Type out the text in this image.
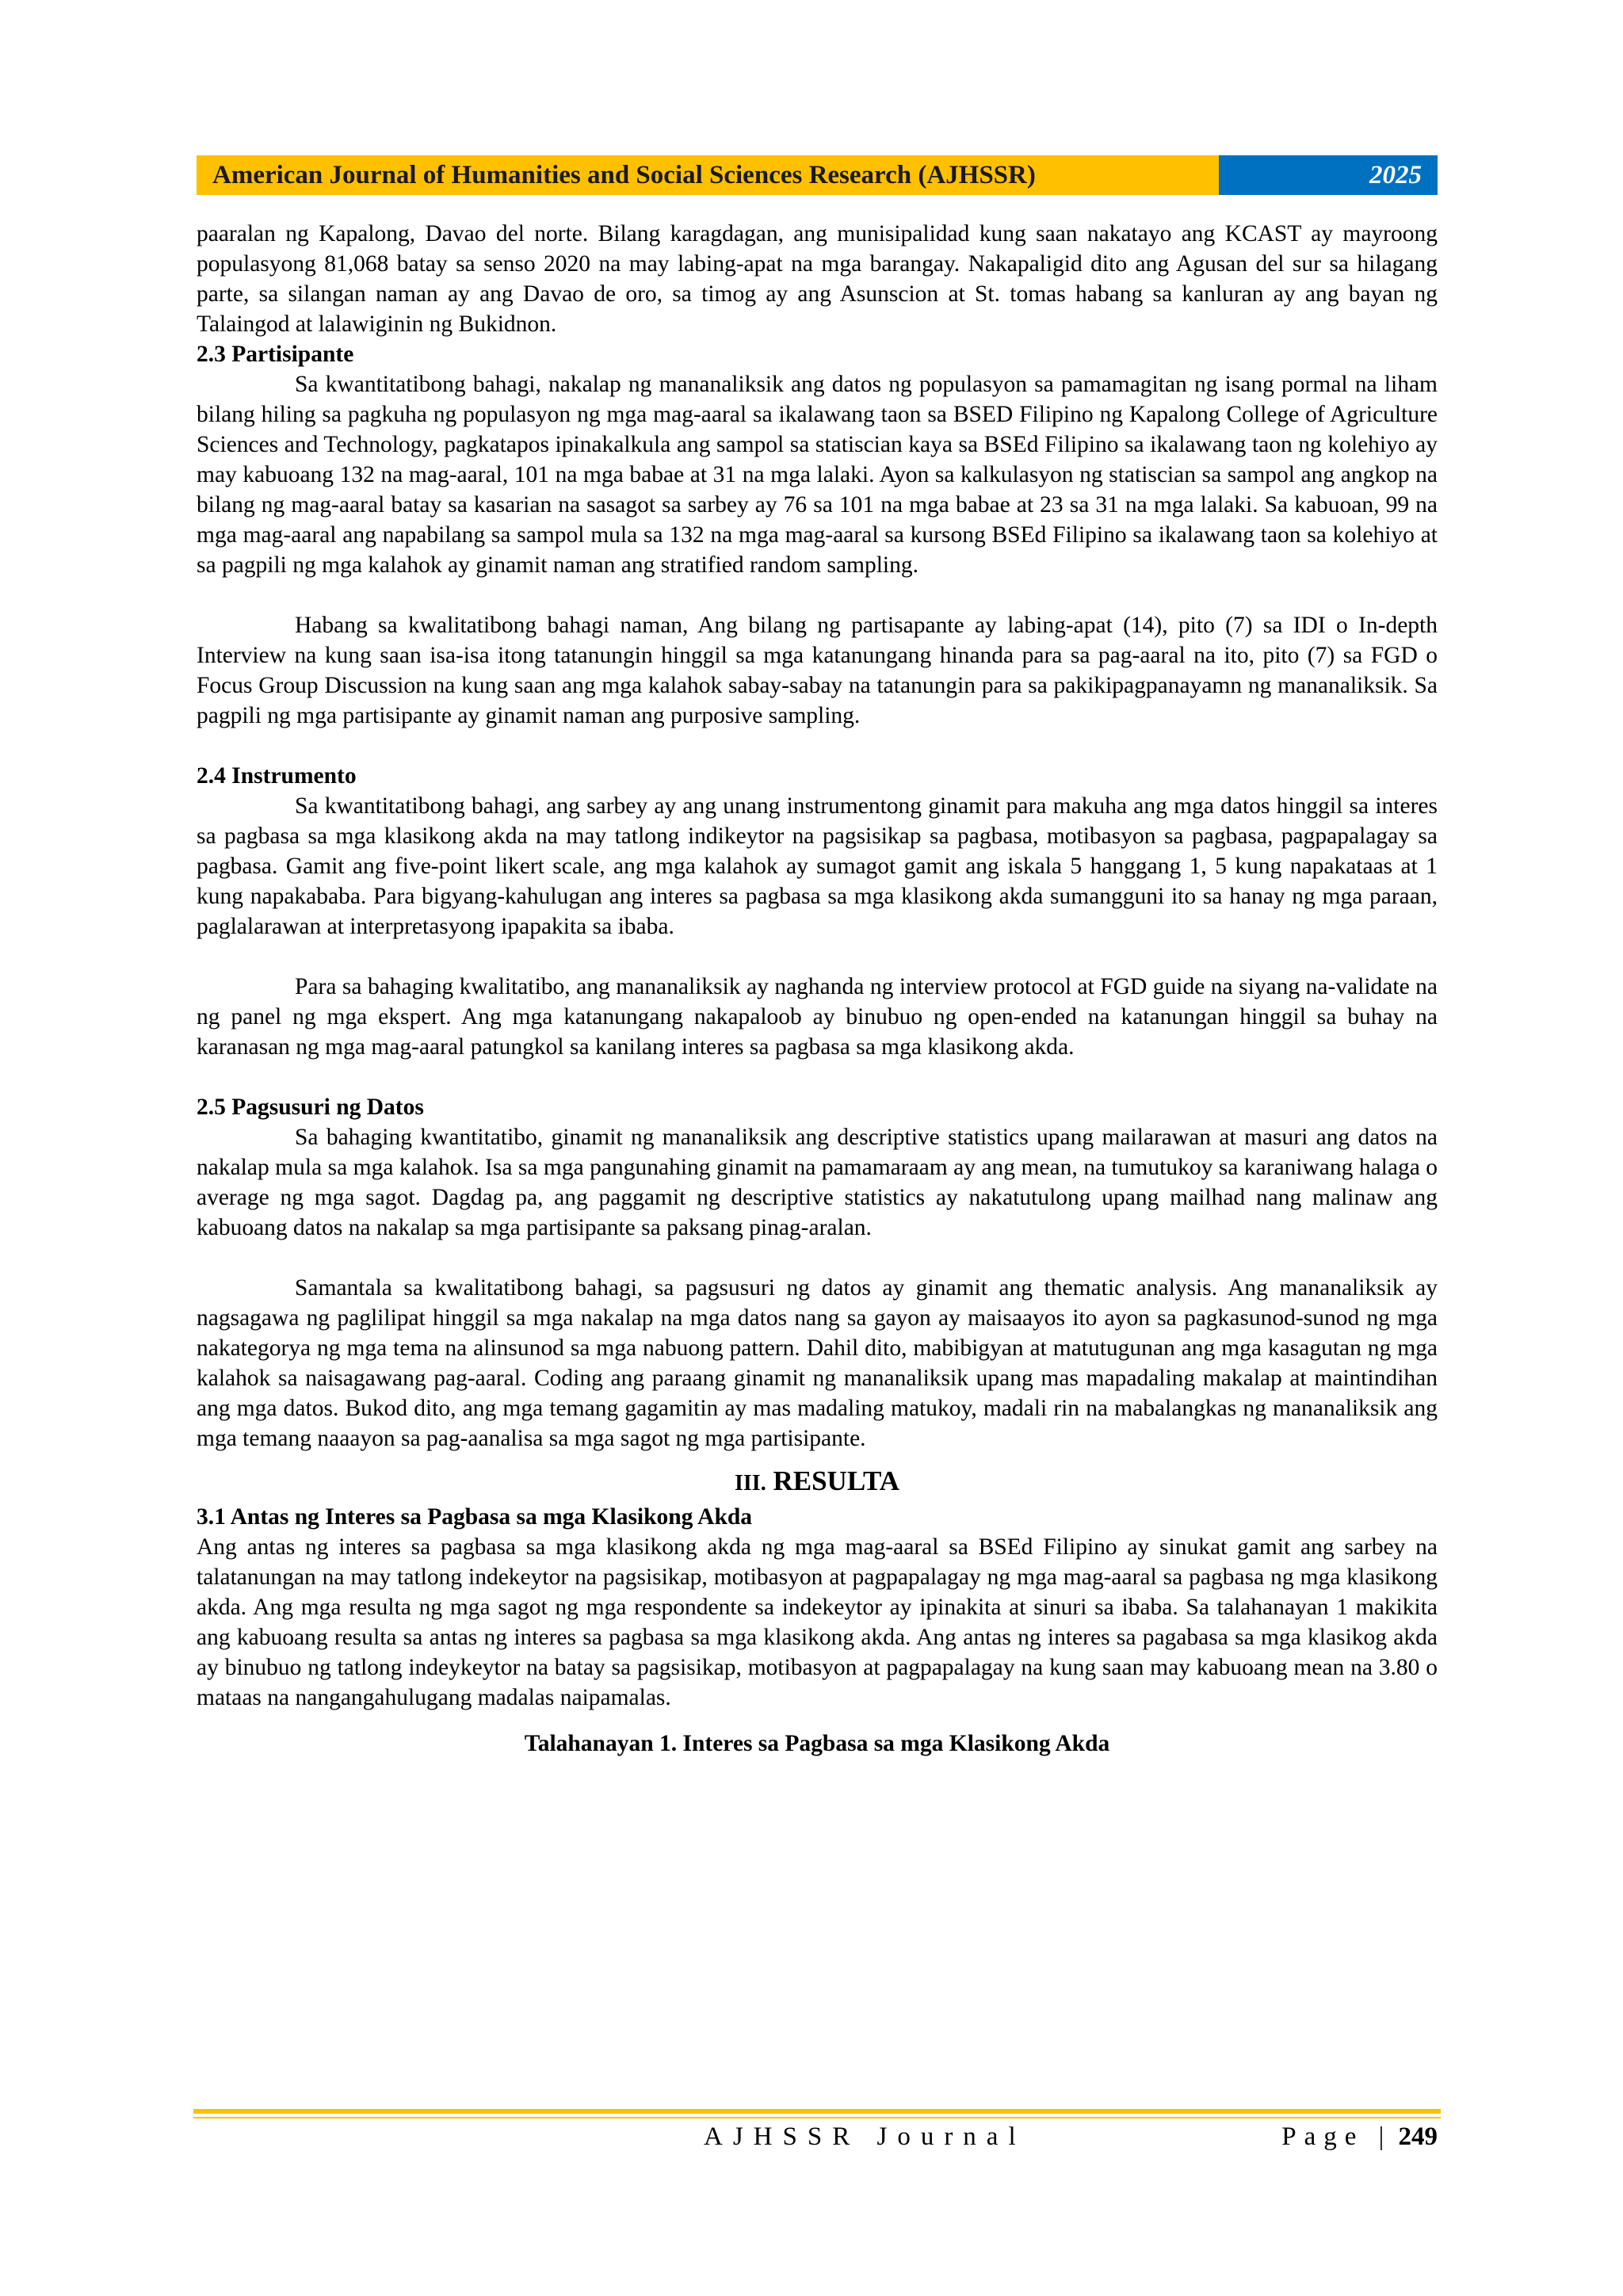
American Journal of Humanities and Social Sciences Research (AJHSSR)	2025

paaralan ng Kapalong, Davao del norte. Bilang karagdagan, ang munisipalidad kung saan nakatayo ang KCAST ay mayroong populasyong 81,068 batay sa senso 2020 na may labing-apat na mga barangay. Nakapaligid dito ang Agusan del sur sa hilagang parte, sa silangan naman ay ang Davao de oro, sa timog ay ang Asunscion at St. tomas habang sa kanluran ay ang bayan ng Talaingod at lalawiginin ng Bukidnon.

2.3 Partisipante

Sa kwantitatibong bahagi, nakalap ng mananaliksik ang datos ng populasyon sa pamamagitan ng isang pormal na liham bilang hiling sa pagkuha ng populasyon ng mga mag-aaral sa ikalawang taon sa BSED Filipino ng Kapalong College of Agriculture Sciences and Technology, pagkatapos ipinakalkula ang sampol sa statiscian kaya sa BSEd Filipino sa ikalawang taon ng kolehiyo ay may kabuoang 132 na mag-aaral, 101 na mga babae at 31 na mga lalaki. Ayon sa kalkulasyon ng statiscian sa sampol ang angkop na bilang ng mag-aaral batay sa kasarian na sasagot sa sarbey ay 76 sa 101 na mga babae at 23 sa 31 na mga lalaki. Sa kabuoan, 99 na mga mag-aaral ang napabilang sa sampol mula sa 132 na mga mag-aaral sa kursong BSEd Filipino sa ikalawang taon sa kolehiyo at sa pagpili ng mga kalahok ay ginamit naman ang stratified random sampling.

Habang sa kwalitatibong bahagi naman, Ang bilang ng partisapante ay labing-apat (14), pito (7) sa IDI o In-depth Interview na kung saan isa-isa itong tatanungin hinggil sa mga katanungang hinanda para sa pag-aaral na ito, pito (7) sa FGD o Focus Group Discussion na kung saan ang mga kalahok sabay-sabay na tatanungin para sa pakikipagpanayamn ng mananaliksik. Sa pagpili ng mga partisipante ay ginamit naman ang purposive sampling.

2.4 Instrumento

Sa kwantitatibong bahagi, ang sarbey ay ang unang instrumentong ginamit para makuha ang mga datos hinggil sa interes sa pagbasa sa mga klasikong akda na may tatlong indikeytor na pagsisikap sa pagbasa, motibasyon sa pagbasa, pagpapalagay sa pagbasa. Gamit ang five-point likert scale, ang mga kalahok ay sumagot gamit ang iskala 5 hanggang 1, 5 kung napakataas at 1 kung napakababa. Para bigyang-kahulugan ang interes sa pagbasa sa mga klasikong akda sumangguni ito sa hanay ng mga paraan, paglalarawan at interpretasyong ipapakita sa ibaba.

Para sa bahaging kwalitatibo, ang mananaliksik ay naghanda ng interview protocol at FGD guide na siyang na-validate na ng panel ng mga ekspert. Ang mga katanungang nakapaloob ay binubuo ng open-ended na katanungan hinggil sa buhay na karanasan ng mga mag-aaral patungkol sa kanilang interes sa pagbasa sa mga klasikong akda.

2.5 Pagsusuri ng Datos

Sa bahaging kwantitatibo, ginamit ng mananaliksik ang descriptive statistics upang mailarawan at masuri ang datos na nakalap mula sa mga kalahok. Isa sa mga pangunahing ginamit na pamamaraam ay ang mean, na tumutukoy sa karaniwang halaga o average ng mga sagot. Dagdag pa, ang paggamit ng descriptive statistics ay nakatutulong upang mailhad nang malinaw ang kabuoang datos na nakalap sa mga partisipante sa paksang pinag-aralan.

Samantala sa kwalitatibong bahagi, sa pagsusuri ng datos ay ginamit ang thematic analysis. Ang mananaliksik ay nagsagawa ng paglilipat hinggil sa mga nakalap na mga datos nang sa gayon ay maisaayos ito ayon sa pagkasunod-sunod ng mga nakategorya ng mga tema na alinsunod sa mga nabuong pattern. Dahil dito, mabibigyan at matutugunan ang mga kasagutan ng mga kalahok sa naisagawang pag-aaral. Coding ang paraang ginamit ng mananaliksik upang mas mapadaling makalap at maintindihan ang mga datos. Bukod dito, ang mga temang gagamitin ay mas madaling matukoy, madali rin na mabalangkas ng mananaliksik ang mga temang naaayon sa pag-aanalisa sa mga sagot ng mga partisipante.

III. RESULTA
3.1 Antas ng Interes sa Pagbasa sa mga Klasikong Akda

Ang antas ng interes sa pagbasa sa mga klasikong akda ng mga mag-aaral sa BSEd Filipino ay sinukat gamit ang sarbey na talatanungan na may tatlong indekeytor na pagsisikap, motibasyon at pagpapalagay ng mga mag-aaral sa pagbasa ng mga klasikong akda. Ang mga resulta ng mga sagot ng mga respondente sa indekeytor ay ipinakita at sinuri sa ibaba. Sa talahanayan 1 makikita ang kabuoang resulta sa antas ng interes sa pagbasa sa mga klasikong akda. Ang antas ng interes sa pagabasa sa mga klasikog akda ay binubuo ng tatlong indeykeytor na batay sa pagsisikap, motibasyon at pagpapalagay na kung saan may kabuoang mean na 3.80 o mataas na nangangahulugang madalas naipamalas.

Talahanayan 1. Interes sa Pagbasa sa mga Klasikong Akda
AJHSSR Journal	Page | 249
